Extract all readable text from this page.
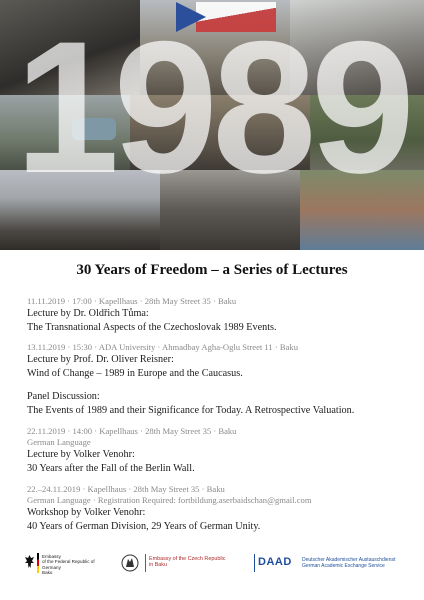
1989
30 Years of Freedom – a Series of Lectures
11.11.2019 · 17:00 · Kapellhaus · 28th May Street 35 · Baku
Lecture by Dr. Oldřich Tůma:
The Transnational Aspects of the Czechoslovak 1989 Events.
13.11.2019 · 15:30 · ADA University · Ahmadbay Agha-Oglu Street 11 · Baku
Lecture by Prof. Dr. Oliver Reisner:
Wind of Change – 1989 in Europe and the Caucasus.
Panel Discussion:
The Events of 1989 and their Significance for Today. A Retrospective Valuation.
22.11.2019 · 14:00 · Kapellhaus · 28th May Street 35 · Baku
German Language
Lecture by Volker Venohr:
30 Years after the Fall of the Berlin Wall.
22.–24.11.2019 · Kapellhaus · 28th May Street 35 · Baku
German Language · Registration Required: fortbildung.aserbaidschan@gmail.com
Workshop by Volker Venohr:
40 Years of German Division, 29 Years of German Unity.
Embassy
of the Federal Republic of Germany
Baku
Embassy of the Czech Republic
in Baku	DAAD Deutscher Akademischer Austauschdienst
German Academic Exchange Service
